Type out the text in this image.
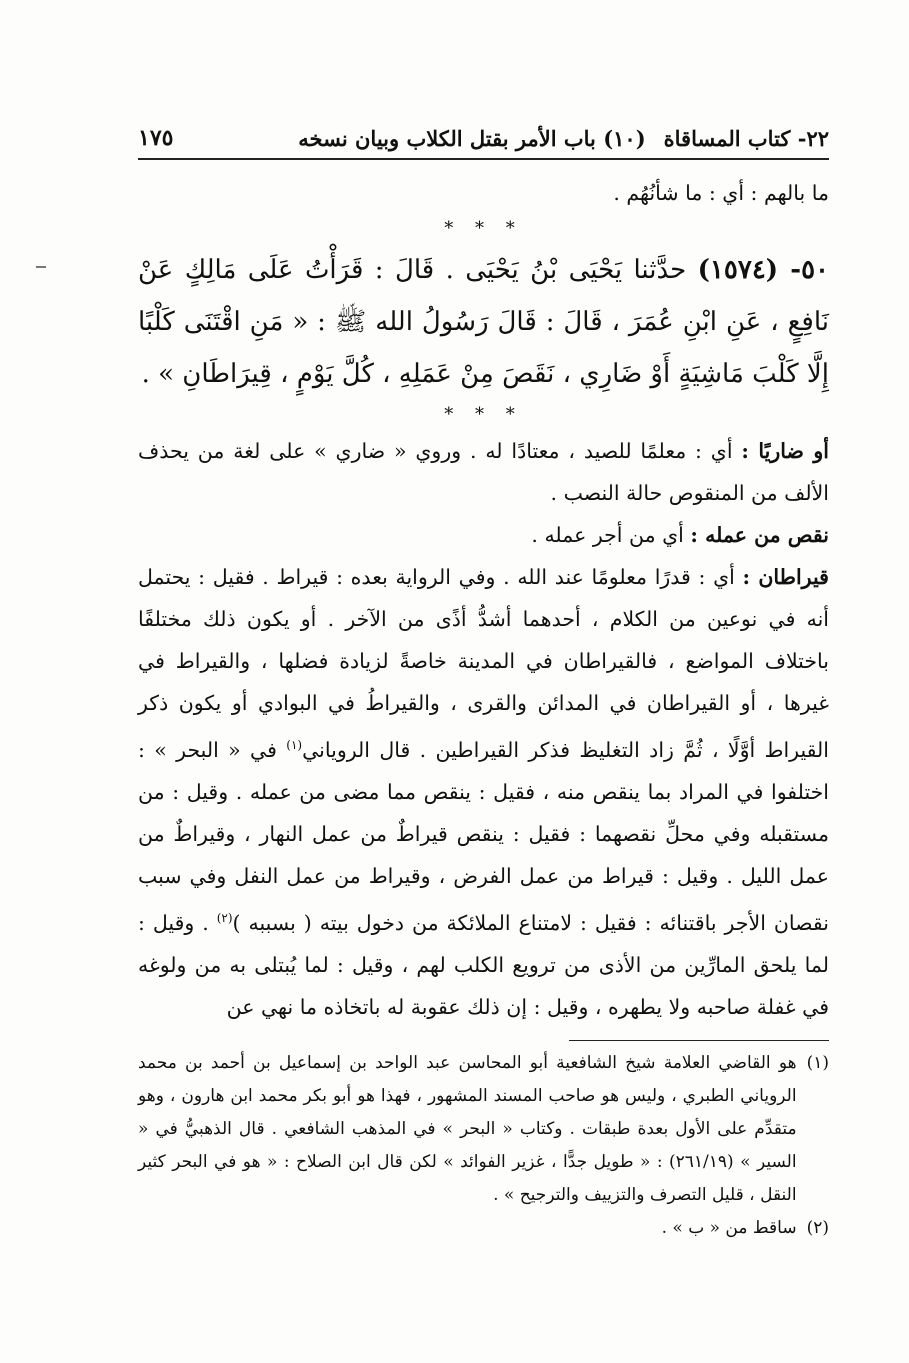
٢٢- كتاب المساقاة
(١٠) باب الأمر بقتل الكلاب وبيان نسخه
١٧٥

ما بالهم : أي : ما شأنُهُم .

* * *

٥٠- (١٥٧٤) حدَّثنا يَحْيَى بْنُ يَحْيَى . قَالَ : قَرَأْتُ عَلَى مَالِكٍ عَنْ نَافِعٍ ، عَنِ ابْنِ عُمَرَ ، قَالَ : قَالَ رَسُولُ الله ﷺ : « مَنِ اقْتَنَى كَلْبًا إِلَّا كَلْبَ مَاشِيَةٍ أَوْ ضَارِي ، نَقَصَ مِنْ عَمَلِهِ ، كُلَّ يَوْمٍ ، قِيرَاطَانِ » .

* * *

أو ضاريًا : أي : معلمًا للصيد ، معتادًا له . وروي « ضاري » على لغة من يحذف الألف من المنقوص حالة النصب .

نقص من عمله : أي من أجر عمله .

قيراطان : أي : قدرًا معلومًا عند الله . وفي الرواية بعده : قيراط . فقيل : يحتمل أنه في نوعين من الكلام ، أحدهما أشدُّ أذًى من الآخر . أو يكون ذلك مختلفًا باختلاف المواضع ، فالقيراطان في المدينة خاصةً لزيادة فضلها ، والقيراط في غيرها ، أو القيراطان في المدائن والقرى ، والقيراطُ في البوادي أو يكون ذكر القيراط أوَّلًا ، ثُمَّ زاد التغليظ فذكر القيراطين . قال الروياني$^{(١)}$ في « البحر » : اختلفوا في المراد بما ينقص منه ، فقيل : ينقص مما مضى من عمله . وقيل : من مستقبله وفي محلِّ نقصهما : فقيل : ينقص قيراطٌ من عمل النهار ، وقيراطٌ من عمل الليل . وقيل : قيراط من عمل الفرض ، وقيراط من عمل النفل وفي سبب نقصان الأجر باقتنائه : فقيل : لامتناع الملائكة من دخول بيته ( بسببه )$^{(٢)}$ . وقيل : لما يلحق المارِّين من الأذى من ترويع الكلب لهم ، وقيل : لما يُبتلى به من ولوغه في غفلة صاحبه ولا يطهره ، وقيل : إن ذلك عقوبة له باتخاذه ما نهي عن

(١)
هو القاضي العلامة شيخ الشافعية أبو المحاسن عبد الواحد بن إسماعيل بن أحمد بن محمد الروياني الطبري ، وليس هو صاحب المسند المشهور ، فهذا هو أبو بكر محمد ابن هارون ، وهو متقدِّم على الأول بعدة طبقات . وكتاب « البحر » في المذهب الشافعي . قال الذهبيُّ في « السير » (٢٦١/١٩) : « طويل جدًّا ، غزير الفوائد » لكن قال ابن الصلاح : « هو في البحر كثير النقل ، قليل التصرف والتزييف والترجيح » .
(٢)
ساقط من « ب » .
